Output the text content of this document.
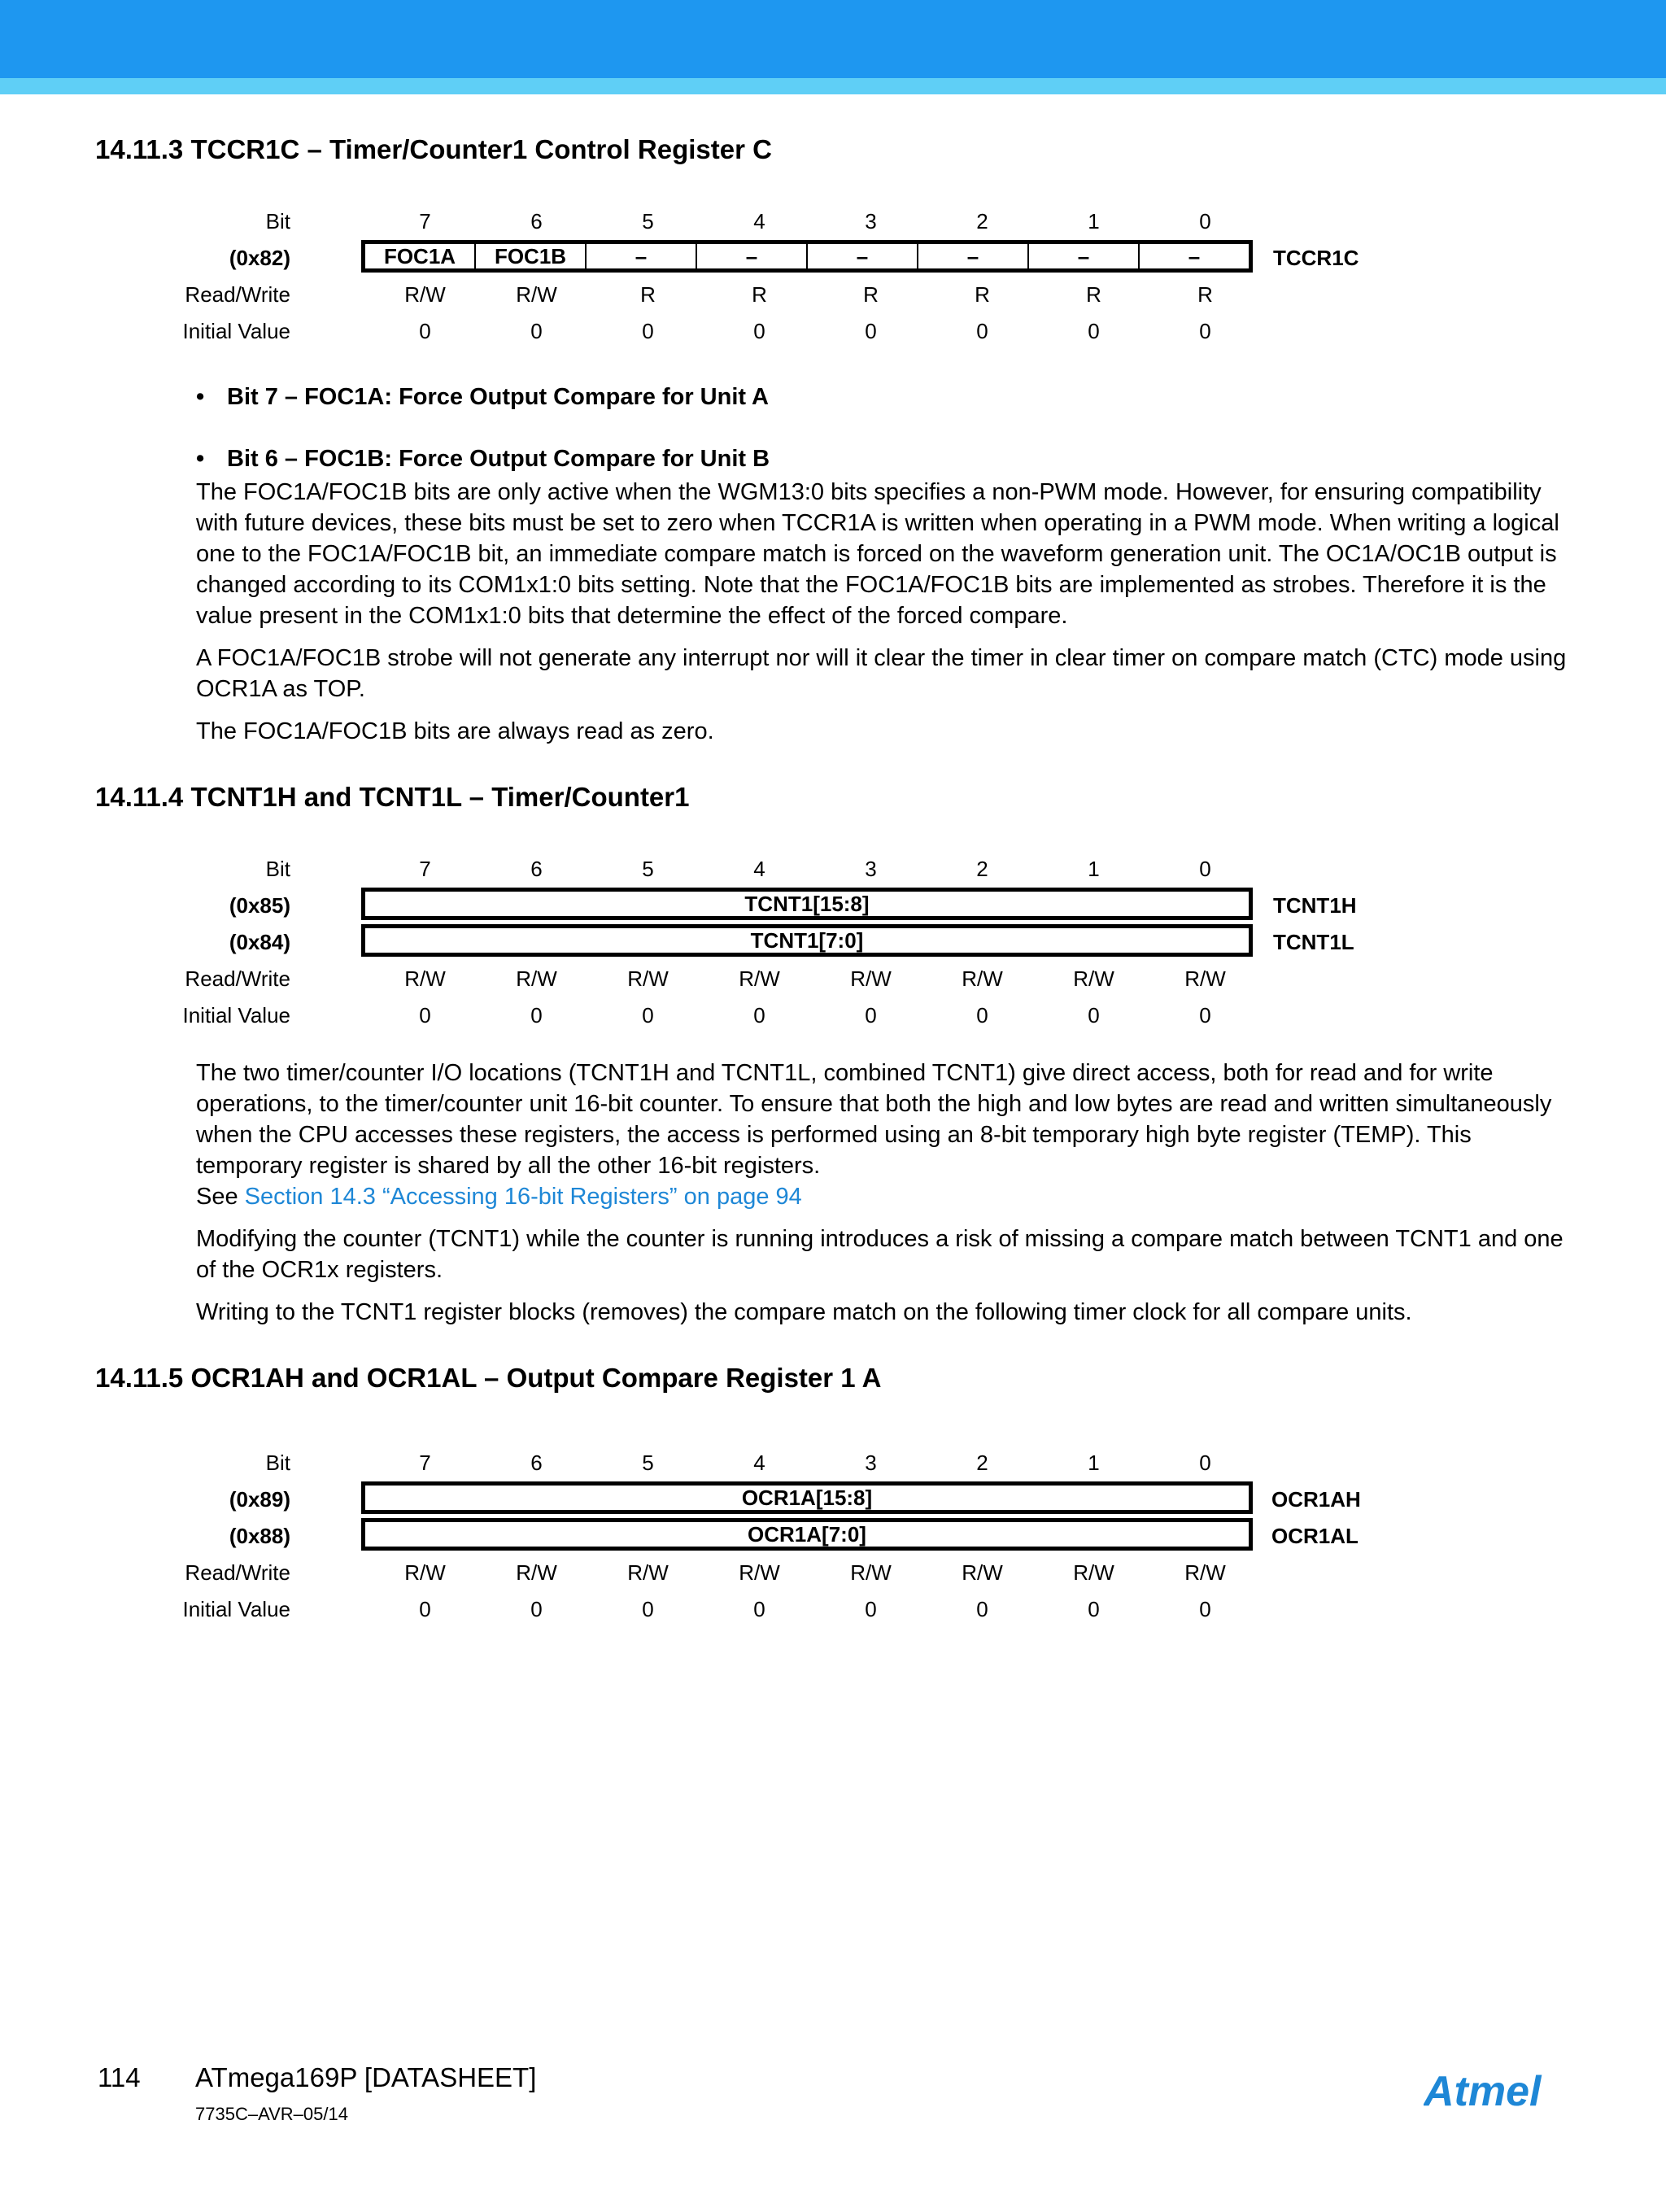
14.11.3 TCCR1C – Timer/Counter1 Control Register C
Bit	7	6	5	4	3	2	1	0
(0x82)	FOC1A	FOC1B	–	–	–	–	–	–	TCCR1C
Read/Write	R/W	R/W	R	R	R	R	R	R
Initial Value	0	0	0	0	0	0	0	0
• Bit 7 – FOC1A: Force Output Compare for Unit A
• Bit 6 – FOC1B: Force Output Compare for Unit B

The FOC1A/FOC1B bits are only active when the WGM13:0 bits specifies a non-PWM mode. However, for ensuring compatibility with future devices, these bits must be set to zero when TCCR1A is written when operating in a PWM mode. When writing a logical one to the FOC1A/FOC1B bit, an immediate compare match is forced on the waveform generation unit. The OC1A/OC1B output is changed according to its COM1x1:0 bits setting. Note that the FOC1A/FOC1B bits are implemented as strobes. Therefore it is the value present in the COM1x1:0 bits that determine the effect of the forced compare.

A FOC1A/FOC1B strobe will not generate any interrupt nor will it clear the timer in clear timer on compare match (CTC) mode using OCR1A as TOP.

The FOC1A/FOC1B bits are always read as zero.

14.11.4 TCNT1H and TCNT1L – Timer/Counter1
Bit	7	6	5	4	3	2	1	0
(0x85)	TCNT1[15:8]	TCNT1H
(0x84)	TCNT1[7:0]	TCNT1L
Read/Write	R/W	R/W	R/W	R/W	R/W	R/W	R/W	R/W
Initial Value	0	0	0	0	0	0	0	0

The two timer/counter I/O locations (TCNT1H and TCNT1L, combined TCNT1) give direct access, both for read and for write operations, to the timer/counter unit 16-bit counter. To ensure that both the high and low bytes are read and written simultaneously when the CPU accesses these registers, the access is performed using an 8-bit temporary high byte register (TEMP). This temporary register is shared by all the other 16-bit registers.

See Section 14.3 “Accessing 16-bit Registers” on page 94

Modifying the counter (TCNT1) while the counter is running introduces a risk of missing a compare match between TCNT1 and one of the OCR1x registers.

Writing to the TCNT1 register blocks (removes) the compare match on the following timer clock for all compare units.

14.11.5 OCR1AH and OCR1AL – Output Compare Register 1 A
Bit	7	6	5	4	3	2	1	0
(0x89)	OCR1A[15:8]	OCR1AH
(0x88)	OCR1A[7:0]	OCR1AL
Read/Write	R/W	R/W	R/W	R/W	R/W	R/W	R/W	R/W
Initial Value	0	0	0	0	0	0	0	0
114 ATmega169P [DATASHEET]
7735C–AVR–05/14	Atmel
